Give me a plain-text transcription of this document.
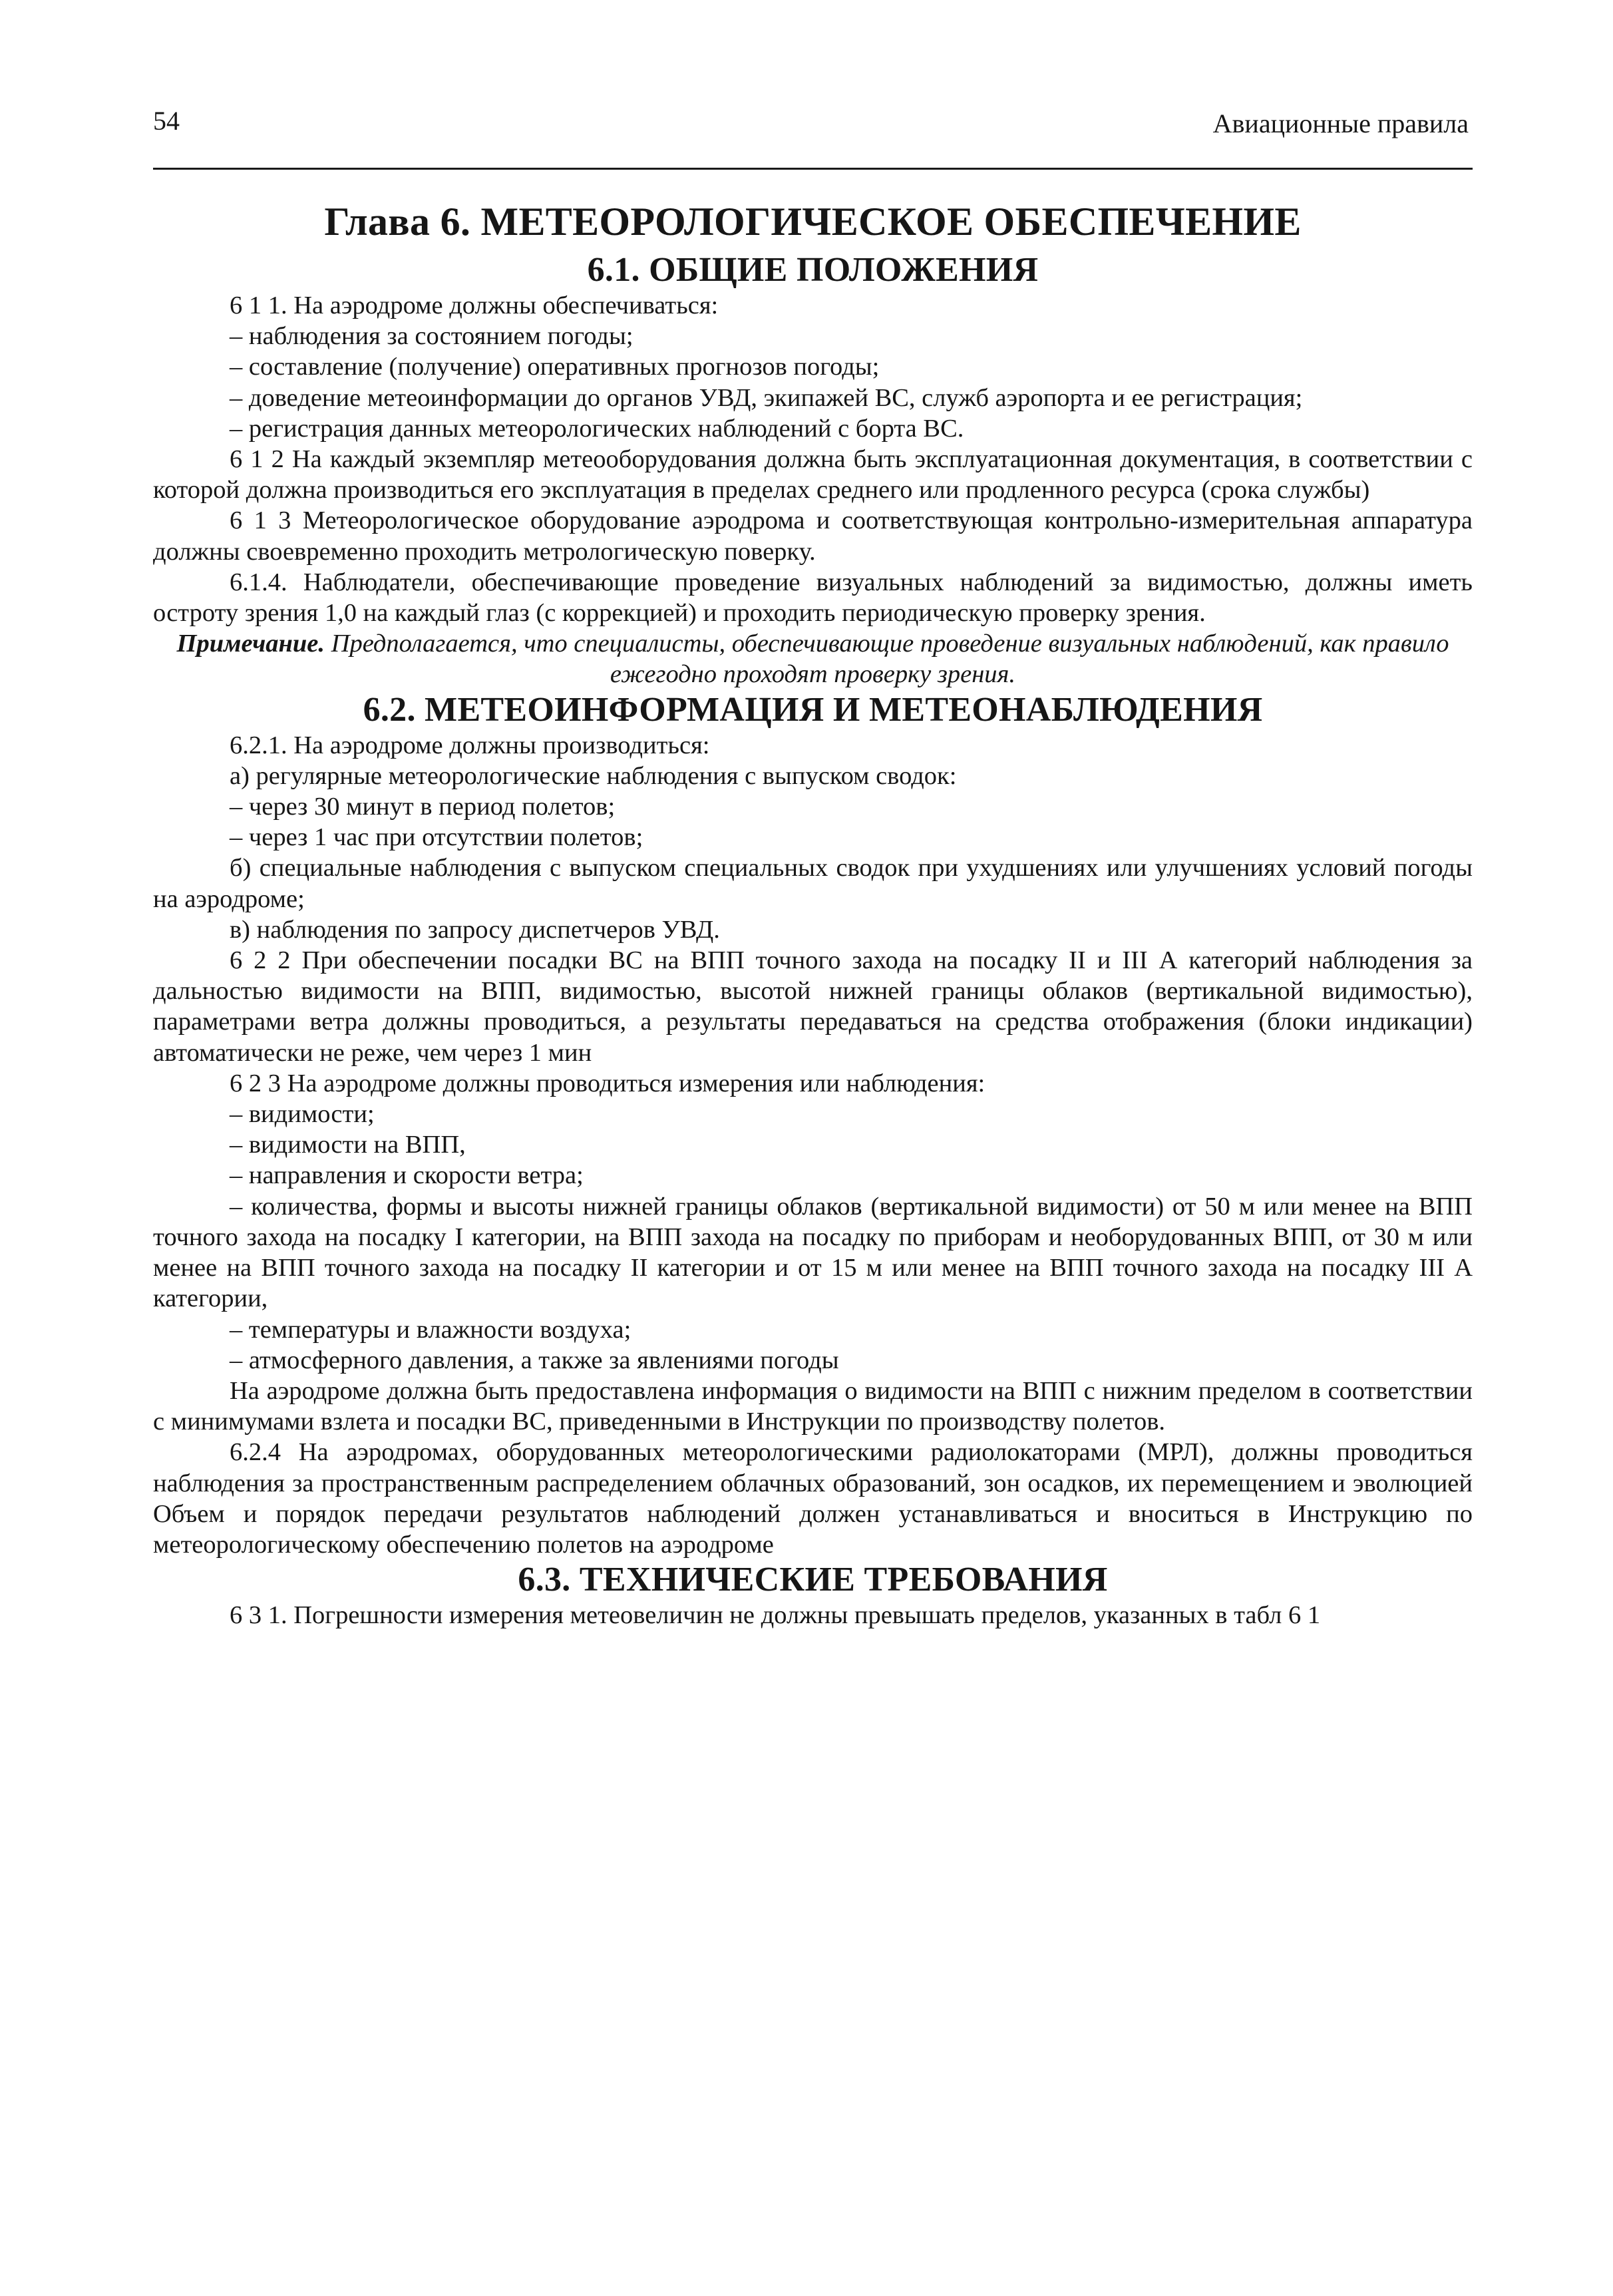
54	Авиационные правила
Глава 6. МЕТЕОРОЛОГИЧЕСКОЕ ОБЕСПЕЧЕНИЕ
6.1. ОБЩИЕ ПОЛОЖЕНИЯ

6 1 1. На аэродроме должны обеспечиваться:

– наблюдения за состоянием погоды;

– составление (получение) оперативных прогнозов погоды;

– доведение метеоинформации до органов УВД, экипажей ВС, служб аэропорта и ее регистрация;

– регистрация данных метеорологических наблюдений с борта ВС.

6 1 2 На каждый экземпляр метеооборудования должна быть эксплуатационная документация, в соответствии с которой должна производиться его эксплуатация в пределах среднего или продленного ресурса (срока службы)

6 1 3 Метеорологическое оборудование аэродрома и соответствующая контрольно-измерительная аппаратура должны своевременно проходить метрологическую поверку.

6.1.4. Наблюдатели, обеспечивающие проведение визуальных наблюдений за видимостью, должны иметь остроту зрения 1,0 на каждый глаз (с коррекцией) и проходить периодическую проверку зрения.

Примечание. Предполагается, что специалисты, обеспечивающие проведение визуальных наблюдений, как правило ежегодно проходят проверку зрения.

6.2. МЕТЕОИНФОРМАЦИЯ И МЕТЕОНАБЛЮДЕНИЯ

6.2.1. На аэродроме должны производиться:

а) регулярные метеорологические наблюдения с выпуском сводок:

– через 30 минут в период полетов;

– через 1 час при отсутствии полетов;

б) специальные наблюдения с выпуском специальных сводок при ухудшениях или улучшениях условий погоды на аэродроме;

в) наблюдения по запросу диспетчеров УВД.

6 2 2 При обеспечении посадки ВС на ВПП точного захода на посадку II и III А категорий наблюдения за дальностью видимости на ВПП, видимостью, высотой нижней границы облаков (вертикальной видимостью), параметрами ветра должны проводиться, а результаты передаваться на средства отображения (блоки индикации) автоматически не реже, чем через 1 мин

6 2 3 На аэродроме должны проводиться измерения или наблюдения:

– видимости;

– видимости на ВПП,

– направления и скорости ветра;

– количества, формы и высоты нижней границы облаков (вертикальной видимости) от 50 м или менее на ВПП точного захода на посадку I категории, на ВПП захода на посадку по приборам и необорудованных ВПП, от 30 м или менее на ВПП точного захода на посадку II категории и от 15 м или менее на ВПП точного захода на посадку III А категории,

– температуры и влажности воздуха;

– атмосферного давления, а также за явлениями погоды

На аэродроме должна быть предоставлена информация о видимости на ВПП с нижним пределом в соответствии с минимумами взлета и посадки ВС, приведенными в Инструкции по производству полетов.

6.2.4 На аэродромах, оборудованных метеорологическими радиолокаторами (МРЛ), должны проводиться наблюдения за пространственным распределением облачных образований, зон осадков, их перемещением и эволюцией Объем и порядок передачи результатов наблюдений должен устанавливаться и вноситься в Инструкцию по метеорологическому обеспечению полетов на аэродроме

6.3. ТЕХНИЧЕСКИЕ ТРЕБОВАНИЯ

6 3 1. Погрешности измерения метеовеличин не должны превышать пределов, указанных в табл 6 1
